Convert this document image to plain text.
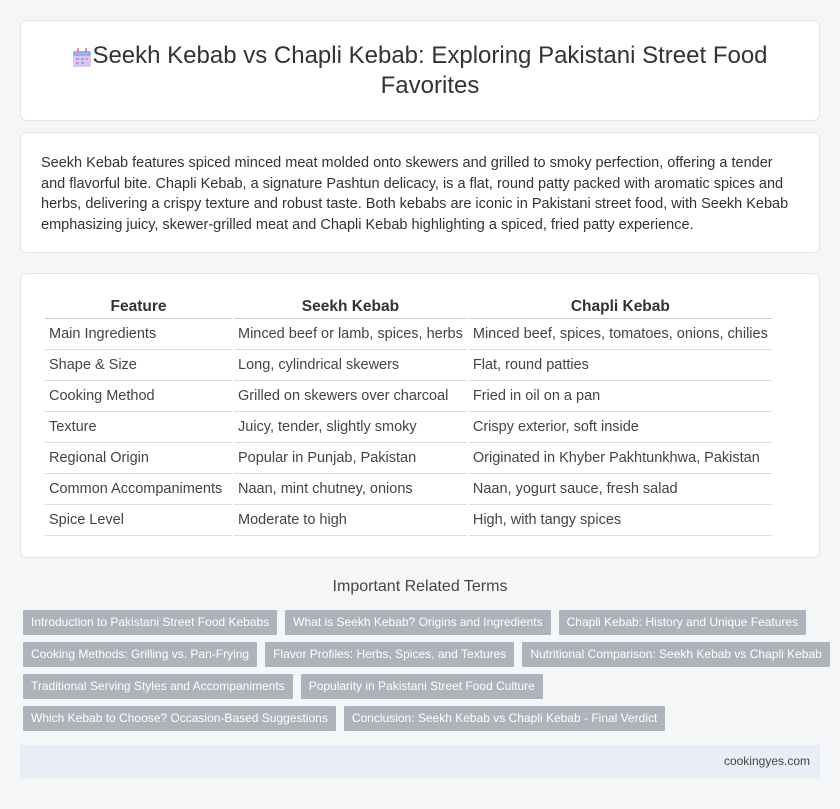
Seekh Kebab vs Chapli Kebab: Exploring Pakistani Street Food Favorites

Seekh Kebab features spiced minced meat molded onto skewers and grilled to smoky perfection, offering a tender and flavorful bite. Chapli Kebab, a signature Pashtun delicacy, is a flat, round patty packed with aromatic spices and herbs, delivering a crispy texture and robust taste. Both kebabs are iconic in Pakistani street food, with Seekh Kebab emphasizing juicy, skewer-grilled meat and Chapli Kebab highlighting a spiced, fried patty experience.

Feature	Seekh Kebab	Chapli Kebab
Main Ingredients	Minced beef or lamb, spices, herbs	Minced beef, spices, tomatoes, onions, chilies
Shape & Size	Long, cylindrical skewers	Flat, round patties
Cooking Method	Grilled on skewers over charcoal	Fried in oil on a pan
Texture	Juicy, tender, slightly smoky	Crispy exterior, soft inside
Regional Origin	Popular in Punjab, Pakistan	Originated in Khyber Pakhtunkhwa, Pakistan
Common Accompaniments	Naan, mint chutney, onions	Naan, yogurt sauce, fresh salad
Spice Level	Moderate to high	High, with tangy spices
Important Related Terms
Introduction to Pakistani Street Food Kebabs	What is Seekh Kebab? Origins and Ingredients	Chapli Kebab: History and Unique Features
Cooking Methods: Grilling vs. Pan-Frying	Flavor Profiles: Herbs, Spices, and Textures	Nutritional Comparison: Seekh Kebab vs Chapli Kebab
Traditional Serving Styles and Accompaniments	Popularity in Pakistani Street Food Culture
Which Kebab to Choose? Occasion-Based Suggestions	Conclusion: Seekh Kebab vs Chapli Kebab - Final Verdict
cookingyes.com
